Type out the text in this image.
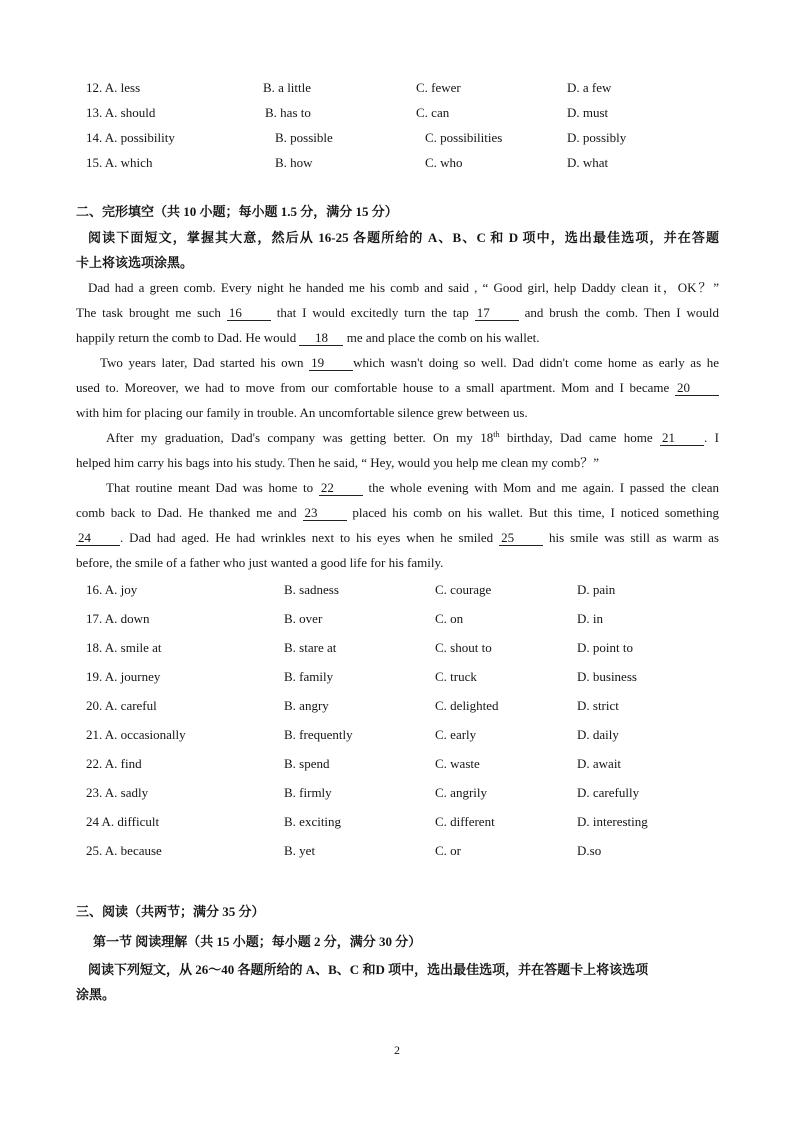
12. A. less	B. a little	C. fewer	D. a few
13. A. should	B. has to	C. can	D. must
14. A. possibility	B. possible	C. possibilities	D. possibly
15. A. which	B. how	C. who	D. what
二、完形填空（共 10 小题；每小题 1.5 分，满分 15 分）
阅读下面短文，掌握其大意，然后从 16-25 各题所给的 A、B、C 和 D 项中，选出最佳选项，并在答题
卡上将该选项涂黑。
Dad had a green comb. Every night he handed me his comb and said , “ Good girl, help Daddy clean it，OK？”
The task brought me such 16 that I would excitedly turn the tap 17 and brush the comb. Then I would
happily return the comb to Dad. He would 18 me and place the comb on his wallet.
Two years later, Dad started his own 19 which wasn't doing so well. Dad didn't come home as early as he
used to. Moreover, we had to move from our comfortable house to a small apartment. Mom and I became 20
with him for placing our family in trouble. An uncomfortable silence grew between us.
After my graduation, Dad's company was getting better. On my 18th birthday, Dad came home 21 . I
helped him carry his bags into his study. Then he said, “ Hey, would you help me clean my comb？”
That routine meant Dad was home to 22 the whole evening with Mom and me again. I passed the clean
comb back to Dad. He thanked me and 23 placed his comb on his wallet. But this time, I noticed something
24 . Dad had aged. He had wrinkles next to his eyes when he smiled 25 his smile was still as warm as
before, the smile of a father who just wanted a good life for his family.
16. A. joy	B. sadness	C. courage	D. pain
17. A. down	B. over	C. on	D. in
18. A. smile at	B. stare at	C. shout to	D. point to
19. A. journey	B. family	C. truck	D. business
20. A. careful	B. angry	C. delighted	D. strict
21. A. occasionally	B. frequently	C. early	D. daily
22. A. find	B. spend	C. waste	D. await
23. A. sadly	B. firmly	C. angrily	D. carefully
24 A. difficult	B. exciting	C. different	D. interesting
25. A. because	B. yet	C. or	D.so
三、阅读（共两节；满分 35 分）
第一节 阅读理解（共 15 小题；每小题 2 分，满分 30 分）
阅读下列短文，从 26～40 各题所给的 A、B、C 和D 项中，选出最佳选项，并在答题卡上将该选项
涂黑。
2
